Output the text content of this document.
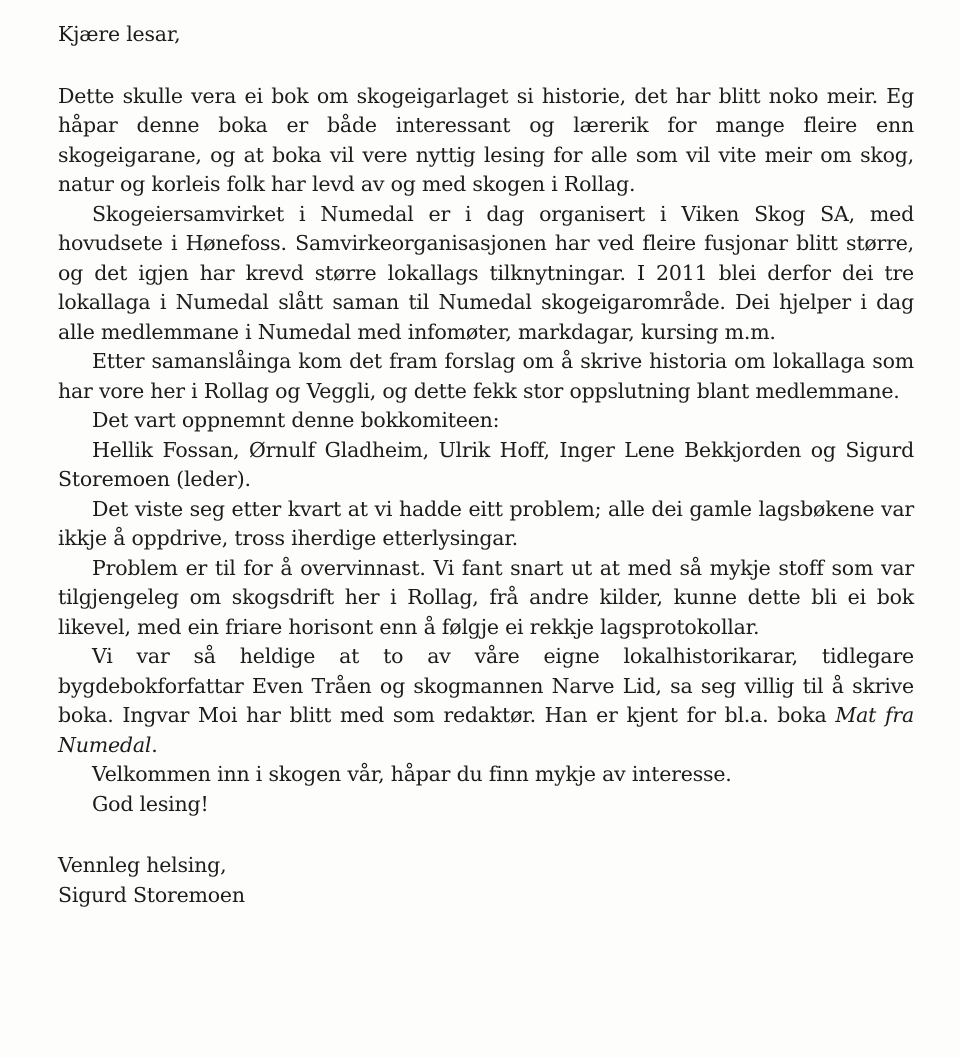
Kjære lesar,

Dette skulle vera ei bok om skogeigarlaget si historie, det har blitt noko meir. Eg håpar denne boka er både interessant og lærerik for mange fleire enn skogeigarane, og at boka vil vere nyttig lesing for alle som vil vite meir om skog, natur og korleis folk har levd av og med skogen i Rollag.

Skogeiersamvirket i Numedal er i dag organisert i Viken Skog SA, med hovudsete i Hønefoss. Samvirkeorganisasjonen har ved fleire fusjonar blitt større, og det igjen har krevd større lokallags tilknytningar. I 2011 blei derfor dei tre lokallaga i Numedal slått saman til Numedal skogeigarområde. Dei hjelper i dag alle medlemmane i Numedal med infomøter, markdagar, kursing m.m.

Etter samanslåinga kom det fram forslag om å skrive historia om lokallaga som har vore her i Rollag og Veggli, og dette fekk stor oppslutning blant medlemmane.

Det vart oppnemnt denne bokkomiteen:

Hellik Fossan, Ørnulf Gladheim, Ulrik Hoff, Inger Lene Bekkjorden og Sigurd Storemoen (leder).

Det viste seg etter kvart at vi hadde eitt problem; alle dei gamle lagsbøkene var ikkje å oppdrive, tross iherdige etterlysingar.

Problem er til for å overvinnast. Vi fant snart ut at med så mykje stoff som var tilgjengeleg om skogsdrift her i Rollag, frå andre kilder, kunne dette bli ei bok likevel, med ein friare horisont enn å følgje ei rekkje lagsprotokollar.

Vi var så heldige at to av våre eigne lokalhistorikarar, tidlegare bygdebokforfattar Even Tråen og skogmannen Narve Lid, sa seg villig til å skrive boka. Ingvar Moi har blitt med som redaktør. Han er kjent for bl.a. boka Mat fra Numedal.

Velkommen inn i skogen vår, håpar du finn mykje av interesse.

God lesing!

Vennleg helsing,

Sigurd Storemoen
